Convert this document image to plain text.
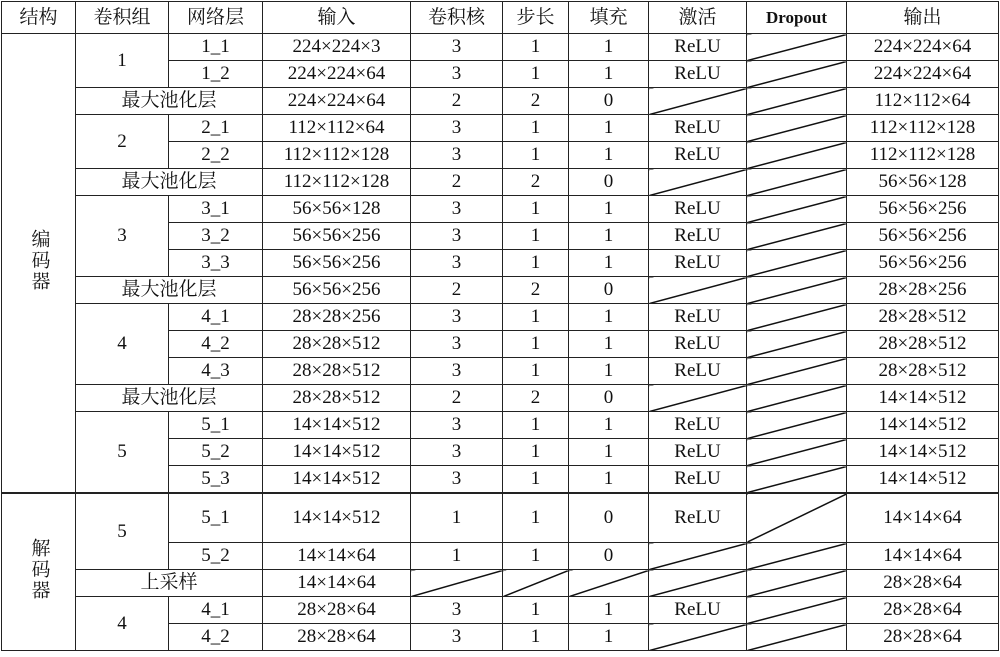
结构	卷积组	网络层	输入	卷积核	步长	填充	激活	Dropout	输出
编码器	1	1_1	224×224×3	3	1	1	ReLU		224×224×64
1_2	224×224×64	3	1	1	ReLU		224×224×64
最大池化层	224×224×64	2	2	0			112×112×64
2	2_1	112×112×64	3	1	1	ReLU		112×112×128
2_2	112×112×128	3	1	1	ReLU		112×112×128
最大池化层	112×112×128	2	2	0			56×56×128
3	3_1	56×56×128	3	1	1	ReLU		56×56×256
3_2	56×56×256	3	1	1	ReLU		56×56×256
3_3	56×56×256	3	1	1	ReLU		56×56×256
最大池化层	56×56×256	2	2	0			28×28×256
4	4_1	28×28×256	3	1	1	ReLU		28×28×512
4_2	28×28×512	3	1	1	ReLU		28×28×512
4_3	28×28×512	3	1	1	ReLU		28×28×512
最大池化层	28×28×512	2	2	0			14×14×512
5	5_1	14×14×512	3	1	1	ReLU		14×14×512
5_2	14×14×512	3	1	1	ReLU		14×14×512
5_3	14×14×512	3	1	1	ReLU		14×14×512
解码器	5	5_1	14×14×512	1	1	0	ReLU		14×14×64
5_2	14×14×64	1	1	0			14×14×64
上采样	14×14×64						28×28×64
4	4_1	28×28×64	3	1	1	ReLU		28×28×64
4_2	28×28×64	3	1	1			28×28×64
